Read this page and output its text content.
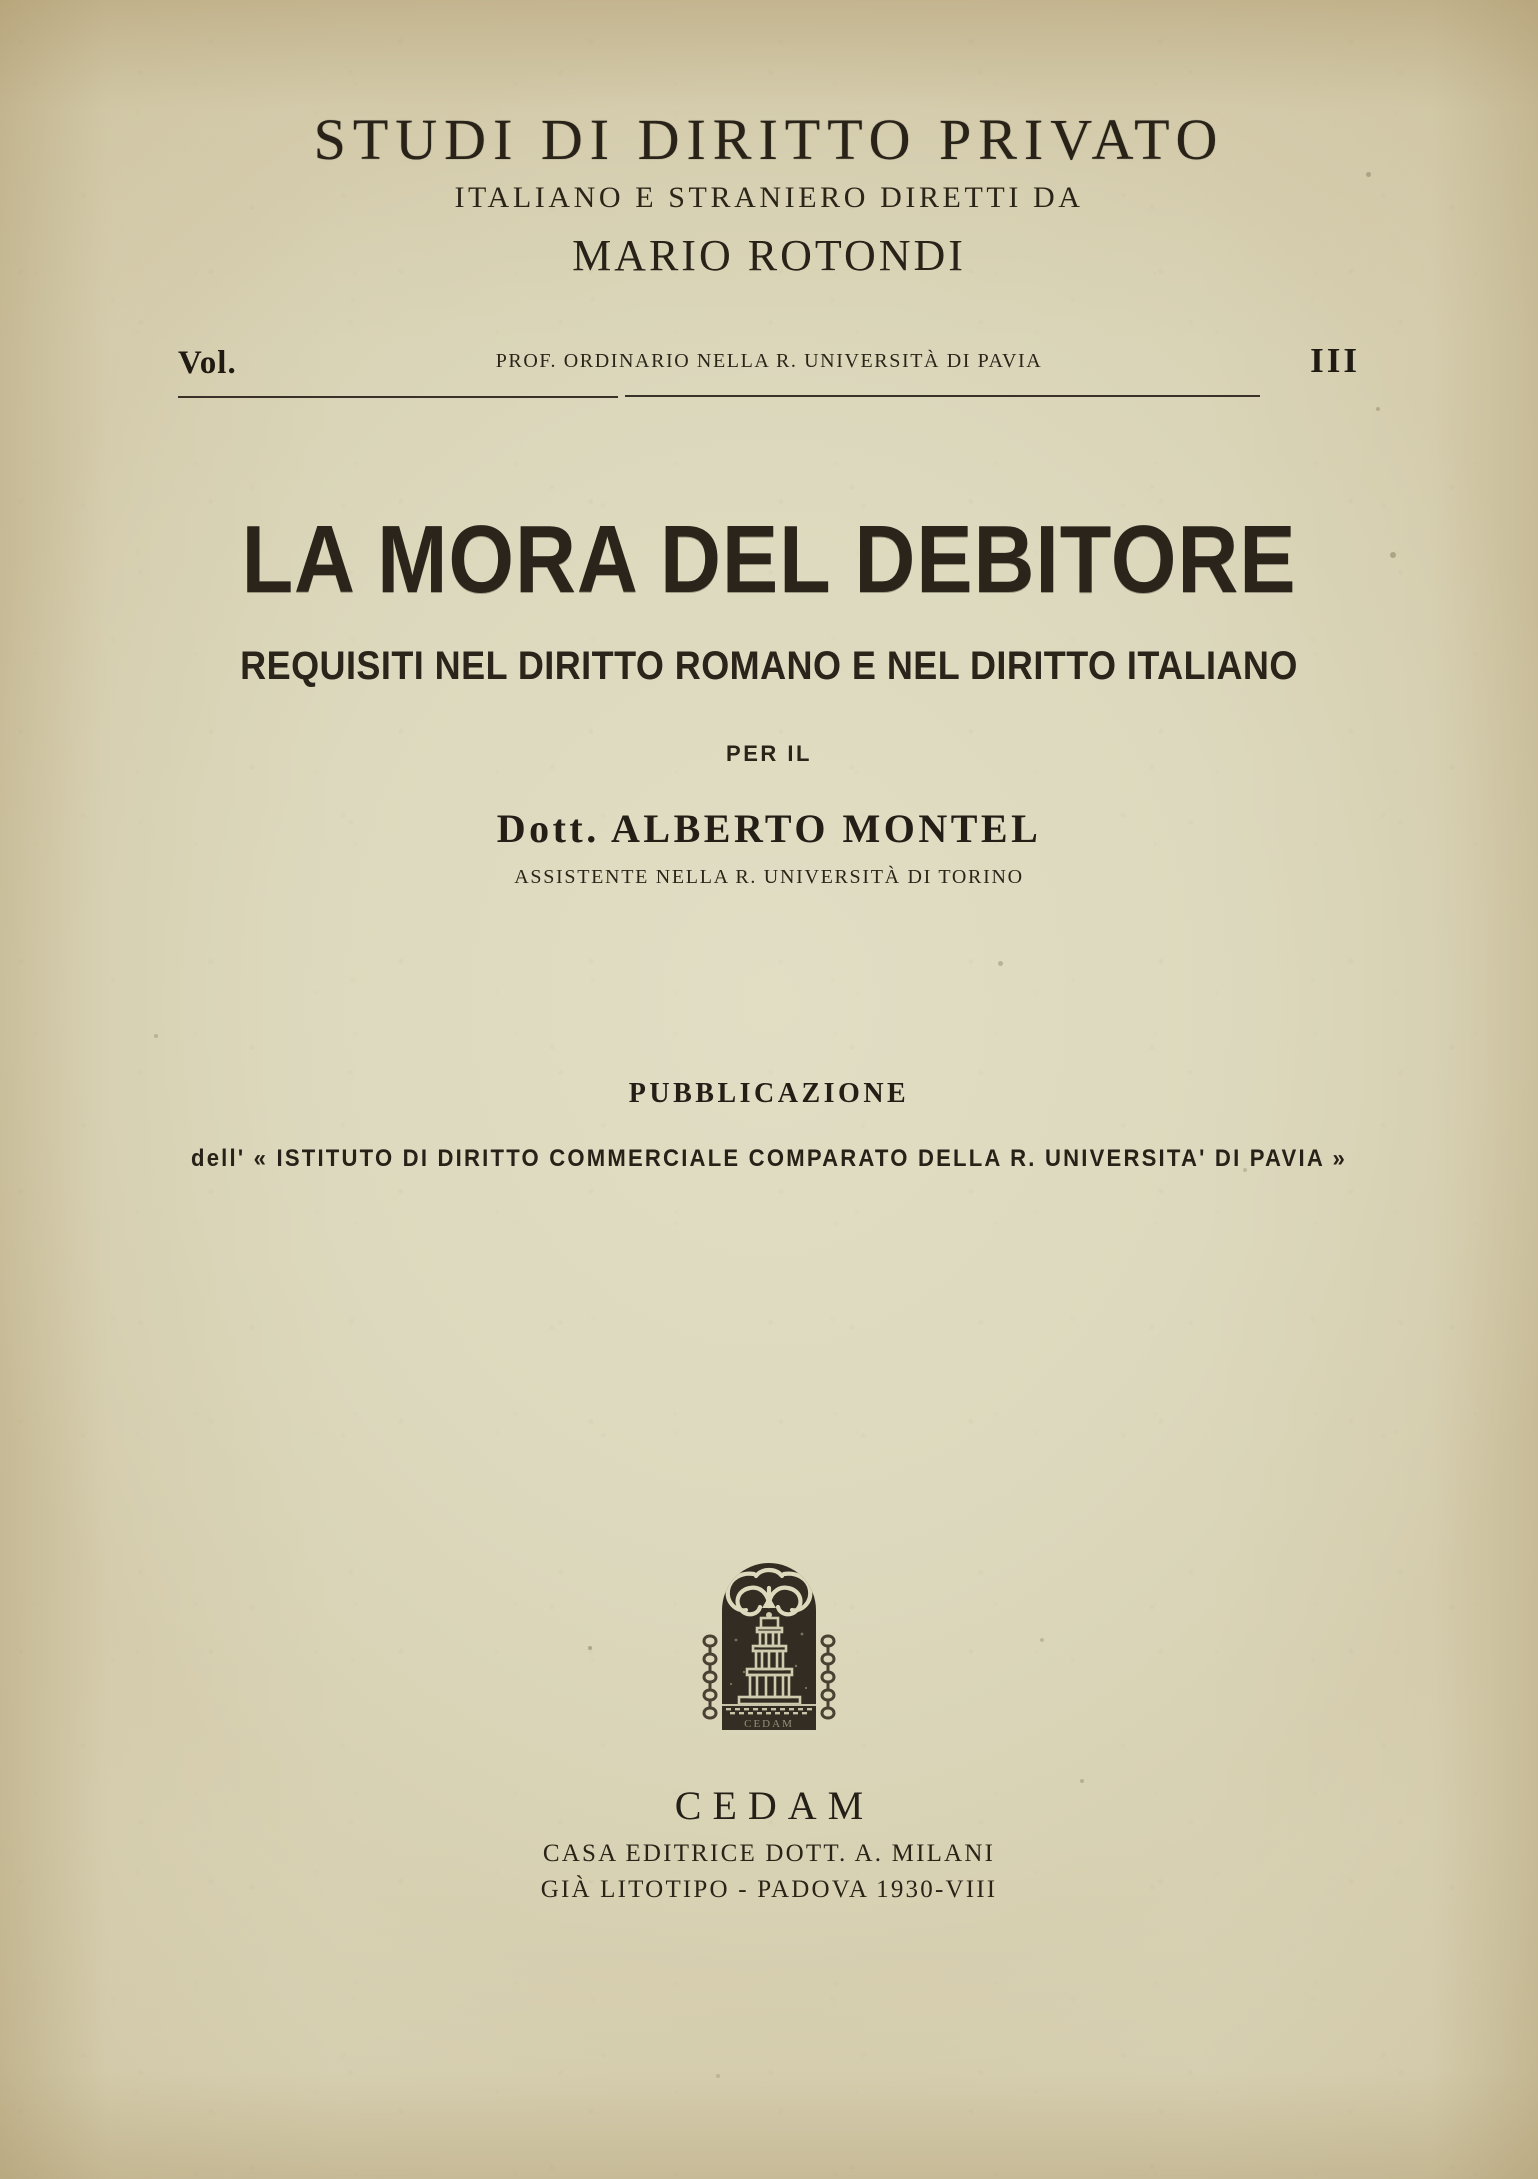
STUDI DI DIRITTO PRIVATO
ITALIANO E STRANIERO DIRETTI DA
MARIO ROTONDI
Vol.	PROF. ORDINARIO NELLA R. UNIVERSITÀ DI PAVIA	III
LA MORA DEL DEBITORE
REQUISITI NEL DIRITTO ROMANO E NEL DIRITTO ITALIANO
PER IL
Dott. ALBERTO MONTEL
ASSISTENTE NELLA R. UNIVERSITÀ DI TORINO
PUBBLICAZIONE
dell' « ISTITUTO DI DIRITTO COMMERCIALE COMPARATO DELLA R. UNIVERSITA' DI PAVIA »
CEDAM
CEDAM
CASA EDITRICE DOTT. A. MILANI
GIÀ LITOTIPO - PADOVA 1930-VIII
